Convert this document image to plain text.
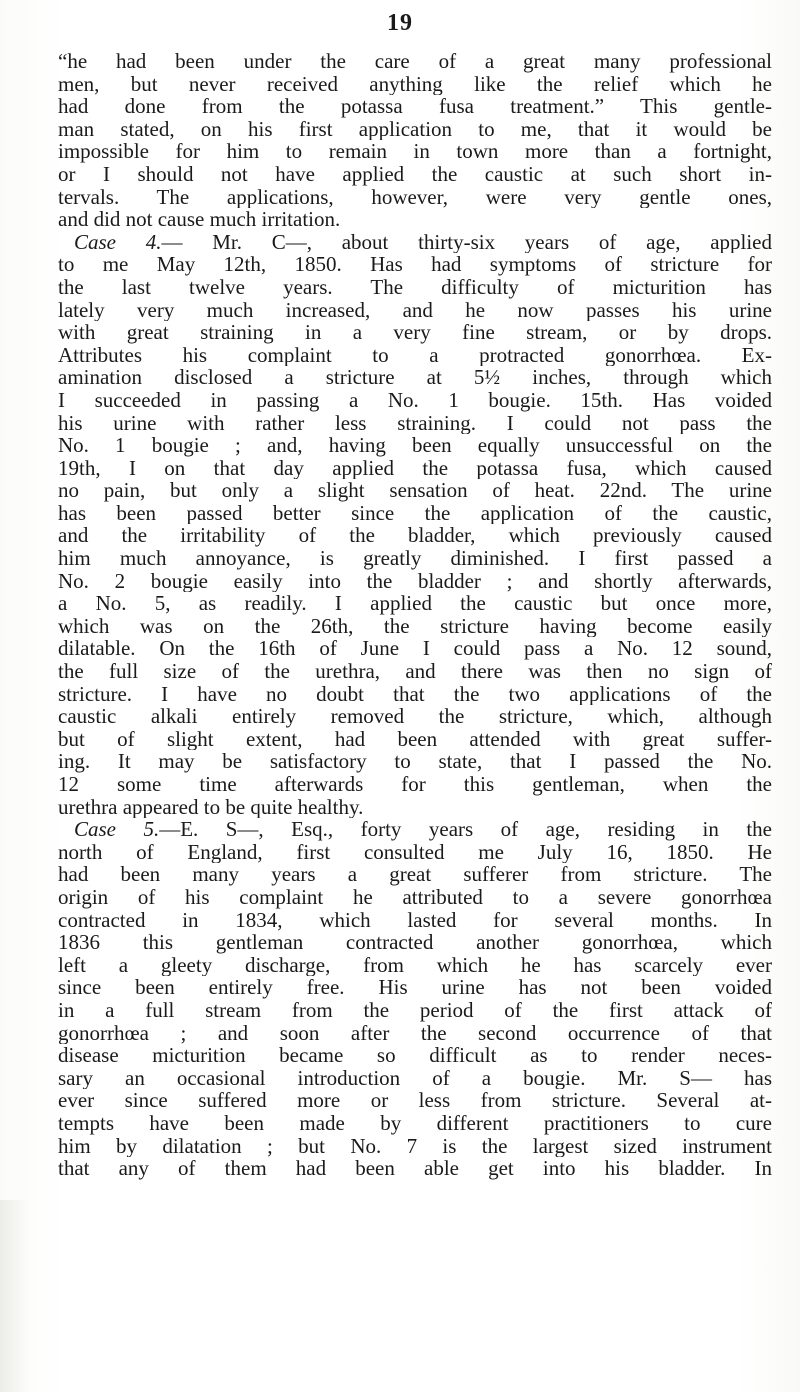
19
“he had been under the care of a great many professional
men, but never received anything like the relief which he
had done from the potassa fusa treatment.” This gentle-
man stated, on his first application to me, that it would be
impossible for him to remain in town more than a fortnight,
or I should not have applied the caustic at such short in-
tervals. The applications, however, were very gentle ones,
and did not cause much irritation.
Case 4.— Mr. C—, about thirty-six years of age, applied
to me May 12th, 1850. Has had symptoms of stricture for
the last twelve years. The difficulty of micturition has
lately very much increased, and he now passes his urine
with great straining in a very fine stream, or by drops.
Attributes his complaint to a protracted gonorrhœa. Ex-
amination disclosed a stricture at 5½ inches, through which
I succeeded in passing a No. 1 bougie. 15th. Has voided
his urine with rather less straining. I could not pass the
No. 1 bougie ; and, having been equally unsuccessful on the
19th, I on that day applied the potassa fusa, which caused
no pain, but only a slight sensation of heat. 22nd. The urine
has been passed better since the application of the caustic,
and the irritability of the bladder, which previously caused
him much annoyance, is greatly diminished. I first passed a
No. 2 bougie easily into the bladder ; and shortly afterwards,
a No. 5, as readily. I applied the caustic but once more,
which was on the 26th, the stricture having become easily
dilatable. On the 16th of June I could pass a No. 12 sound,
the full size of the urethra, and there was then no sign of
stricture. I have no doubt that the two applications of the
caustic alkali entirely removed the stricture, which, although
but of slight extent, had been attended with great suffer-
ing. It may be satisfactory to state, that I passed the No.
12 some time afterwards for this gentleman, when the
urethra appeared to be quite healthy.
Case 5.—E. S—, Esq., forty years of age, residing in the
north of England, first consulted me July 16, 1850. He
had been many years a great sufferer from stricture. The
origin of his complaint he attributed to a severe gonorrhœa
contracted in 1834, which lasted for several months. In
1836 this gentleman contracted another gonorrhœa, which
left a gleety discharge, from which he has scarcely ever
since been entirely free. His urine has not been voided
in a full stream from the period of the first attack of
gonorrhœa ; and soon after the second occurrence of that
disease micturition became so difficult as to render neces-
sary an occasional introduction of a bougie. Mr. S— has
ever since suffered more or less from stricture. Several at-
tempts have been made by different practitioners to cure
him by dilatation ; but No. 7 is the largest sized instrument
that any of them had been able get into his bladder. In
